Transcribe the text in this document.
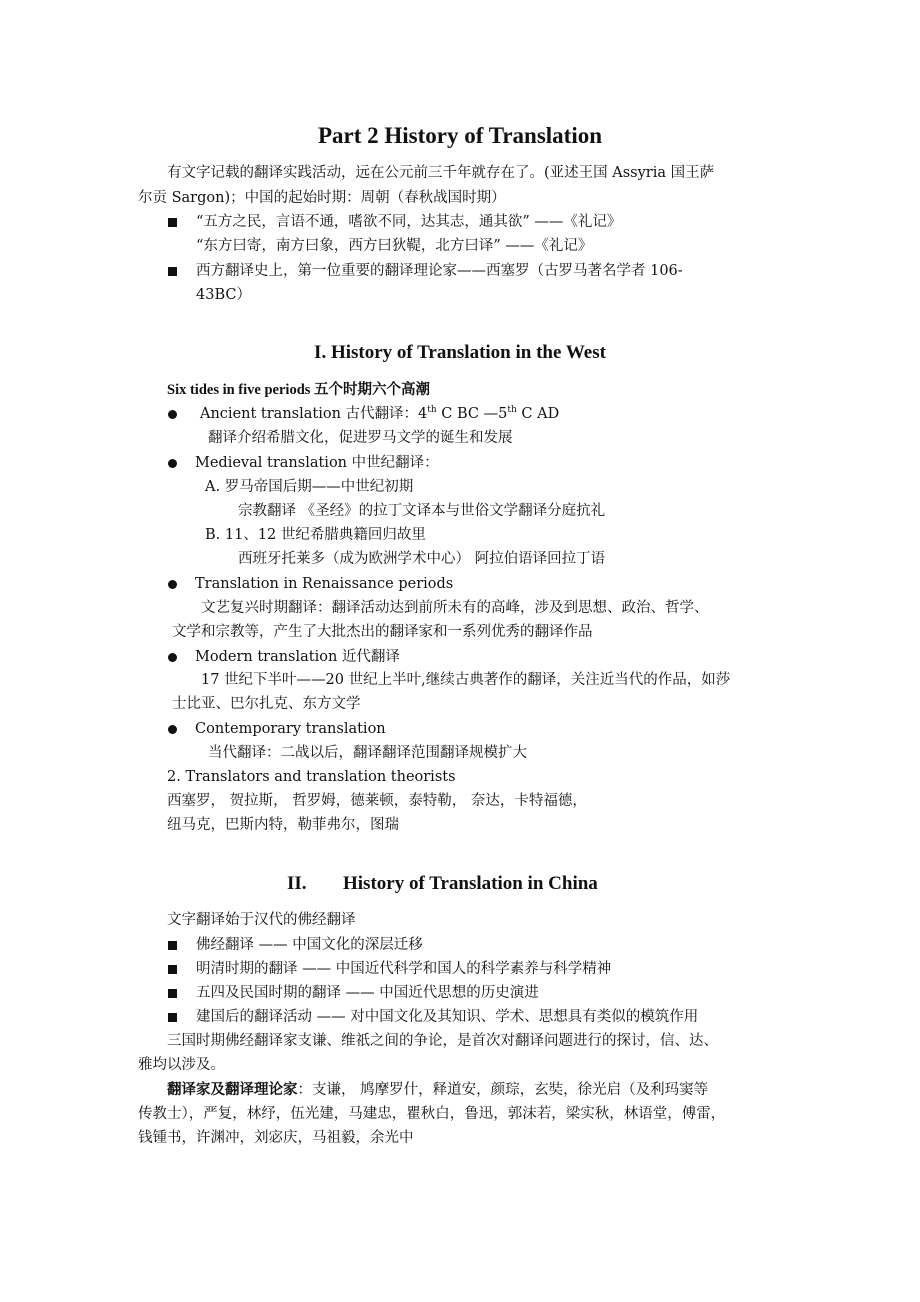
Part 2 History of Translation
有文字记载的翻译实践活动，远在公元前三千年就存在了。(亚述王国 Assyria 国王萨
尔贡 Sargon)；中国的起始时期：周朝（春秋战国时期）
“五方之民，言语不通，嗜欲不同，达其志，通其欲” ——《礼记》
“东方曰寄，南方曰象，西方曰狄鞮，北方曰译” ——《礼记》
西方翻译史上，第一位重要的翻译理论家——西塞罗（古罗马著名学者 106-
43BC）
I. History of Translation in the West
Six tides in five periods 五个时期六个高潮
Ancient translation 古代翻译：4th C BC —5th C AD
翻译介绍希腊文化，促进罗马文学的诞生和发展
Medieval translation 中世纪翻译：
A. 罗马帝国后期——中世纪初期
宗教翻译 《圣经》的拉丁文译本与世俗文学翻译分庭抗礼
B. 11、12 世纪希腊典籍回归故里
西班牙托莱多（成为欧洲学术中心） 阿拉伯语译回拉丁语
Translation in Renaissance periods
文艺复兴时期翻译：翻译活动达到前所未有的高峰，涉及到思想、政治、哲学、
文学和宗教等，产生了大批杰出的翻译家和一系列优秀的翻译作品
Modern translation 近代翻译
17 世纪下半叶——20 世纪上半叶,继续古典著作的翻译，关注近当代的作品，如莎
士比亚、巴尔扎克、东方文学
Contemporary translation
当代翻译：二战以后，翻译翻译范围翻译规模扩大
2. Translators and translation theorists
西塞罗， 贺拉斯， 哲罗姆，德莱顿，泰特勒， 奈达，卡特福德，
纽马克，巴斯内特，勒菲弗尔，图瑞
II. History of Translation in China
文字翻译始于汉代的佛经翻译
佛经翻译 —— 中国文化的深层迁移
明清时期的翻译 —— 中国近代科学和国人的科学素养与科学精神
五四及民国时期的翻译 —— 中国近代思想的历史演进
建国后的翻译活动 —— 对中国文化及其知识、学术、思想具有类似的模筑作用
三国时期佛经翻译家支谦、维祇之间的争论，是首次对翻译问题进行的探讨，信、达、
雅均以涉及。
翻译家及翻译理论家：支谦， 鸠摩罗什，释道安，颜琮，玄奘，徐光启（及利玛窦等
传教士），严复，林纾，伍光建，马建忠，瞿秋白，鲁迅，郭沫若，梁实秋，林语堂，傅雷，
钱锺书，许渊冲，刘宓庆，马祖毅，余光中
